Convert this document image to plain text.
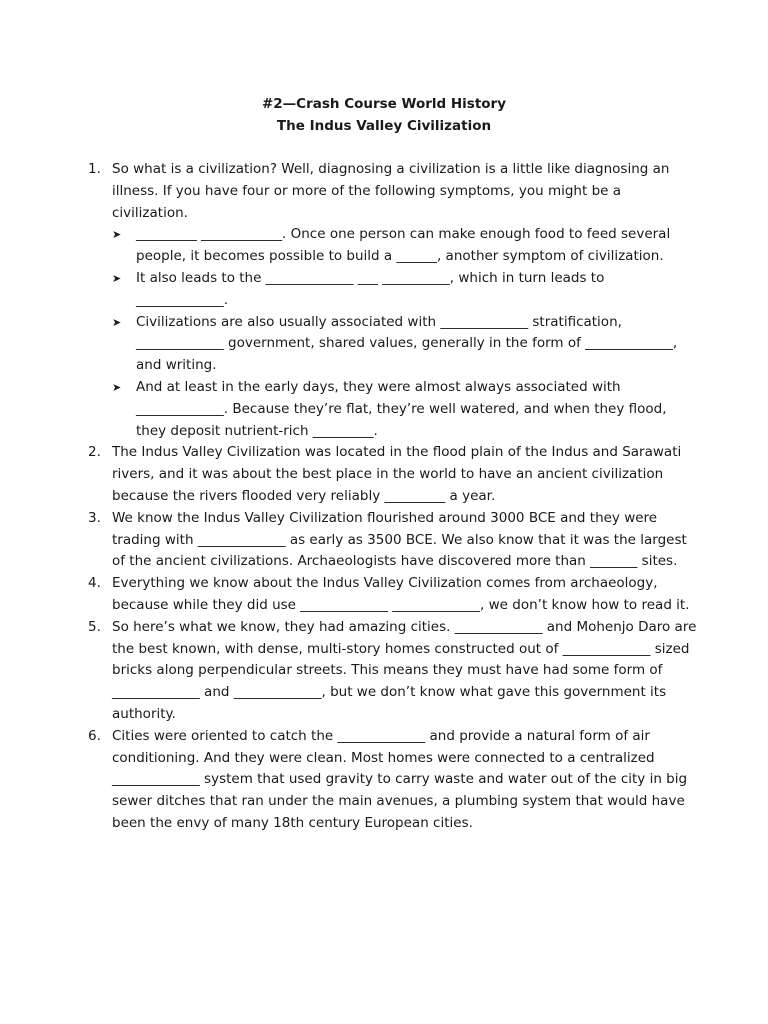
#2—Crash Course World History
The Indus Valley Civilization
1. So what is a civilization? Well, diagnosing a civilization is a little like diagnosing an illness. If you have four or more of the following symptoms, you might be a civilization.
➤ _________ ____________. Once one person can make enough food to feed several people, it becomes possible to build a ______, another symptom of civilization.
➤ It also leads to the _____________ ___ __________, which in turn leads to _____________.
➤ Civilizations are also usually associated with _____________ stratification, _____________ government, shared values, generally in the form of _____________, and writing.
➤ And at least in the early days, they were almost always associated with _____________. Because they’re flat, they’re well watered, and when they flood, they deposit nutrient-rich _________.
2. The Indus Valley Civilization was located in the flood plain of the Indus and Sarawati rivers, and it was about the best place in the world to have an ancient civilization because the rivers flooded very reliably _________ a year.
3. We know the Indus Valley Civilization flourished around 3000 BCE and they were trading with _____________ as early as 3500 BCE. We also know that it was the largest of the ancient civilizations. Archaeologists have discovered more than _______ sites.
4. Everything we know about the Indus Valley Civilization comes from archaeology, because while they did use _____________ _____________, we don’t know how to read it.
5. So here’s what we know, they had amazing cities. _____________ and Mohenjo Daro are the best known, with dense, multi-story homes constructed out of _____________ sized bricks along perpendicular streets. This means they must have had some form of _____________ and _____________, but we don’t know what gave this government its authority.
6. Cities were oriented to catch the _____________ and provide a natural form of air conditioning. And they were clean. Most homes were connected to a centralized _____________ system that used gravity to carry waste and water out of the city in big sewer ditches that ran under the main avenues, a plumbing system that would have been the envy of many 18th century European cities.
